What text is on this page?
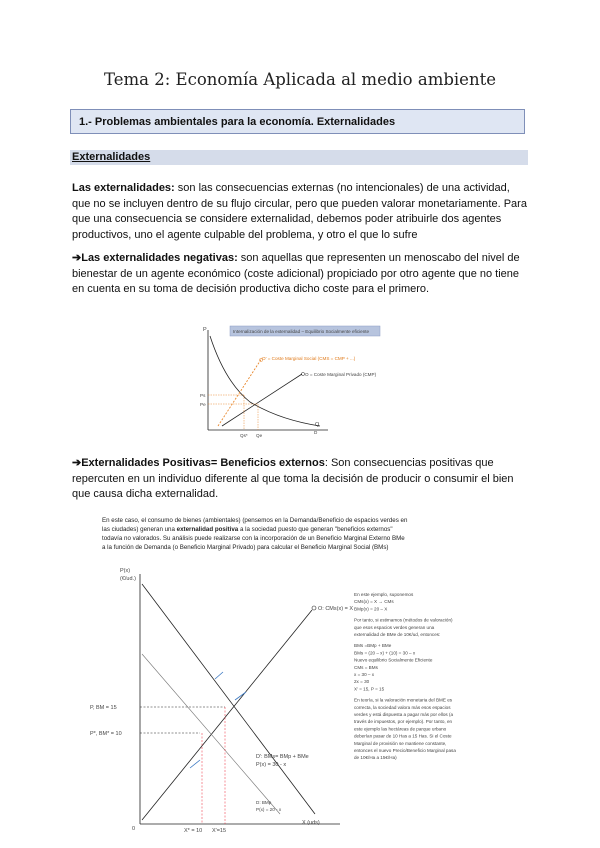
Tema 2: Economía Aplicada al medio ambiente
1.- Problemas ambientales para la economía. Externalidades
Externalidades
Las externalidades: son las consecuencias externas (no intencionales) de una actividad, que no se incluyen dentro de su flujo circular, pero que pueden valorar monetariamente. Para que una consecuencia se considere externalidad, debemos poder atribuirle dos agentes productivos, uno el agente culpable del problema, y otro el que lo sufre
➔Las externalidades negativas: son aquellas que representen un menoscabo del nivel de bienestar de un agente económico (coste adicional) propiciado por otro agente que no tiene en cuenta en su toma de decisión productiva dicho coste para el primero.
Internalización de la externalidad – Equilibrio Socialmente eficiente
P
Q
O' = Coste Marginal Social (CMS = CMP + ...)
O = Coste Marginal Privado (CMP)
Ps
Pe
Qs* Qe
D
➔Externalidades Positivas= Beneficios externos: Son consecuencias positivas que repercuten en un individuo diferente al que toma la decisión de producir o consumir el bien que causa dicha externalidad.
En este caso, el consumo de bienes (ambientales) (pensemos en la Demanda/Beneficio de espacios verdes en
las ciudades) generan una externalidad positiva a la sociedad puesto que generan "beneficios externos"
todavía no valorados. Su análisis puede realizarse con la incorporación de un Beneficio Marginal Externo BMe
a la función de Demanda (o Beneficio Marginal Privado) para calcular el Beneficio Marginal Social (BMs)
P(x)
(€/ud.)
X (uds)
0
O: CMs(x) = X
P, BM = 15
P*, BM* = 10
D': BMs= BMp + BMe
P(x) = 30 - x
D: BMp
P(x) = 20 - x
X* = 10 X'=15
En este ejemplo, suponemos
CMs(x) = X → CMs
BMp(x) = 20 – X
Por tanto, si estimamos (métodos de valoración)
que esos espacios verdes generan una
externalidad de BMe de 10€/ud, entonces:
BMs =BMp + BMe
BMs = (20 – x) + (10) = 30 – x
Nuevo equilibrio Socialmente Eficiente
CMs = BMs
x = 30 – x
2x = 30
X' = 15, P = 15
En teoría, si la valoración monetaria del BME es
correcta, la sociedad valora más esos espacios
verdes y está dispuesta a pagar más por ellos (a
través de impuestos, por ejemplo). Por tanto, en
este ejemplo las hectáreas de parque urbano
deberían pasar de 10 Has a 15 Has. Si el Coste
Marginal de provisión se mantiene constante,
entonces el nuevo Precio/Beneficio Marginal pasa
de 10€/Ha a 15€/Ha)
